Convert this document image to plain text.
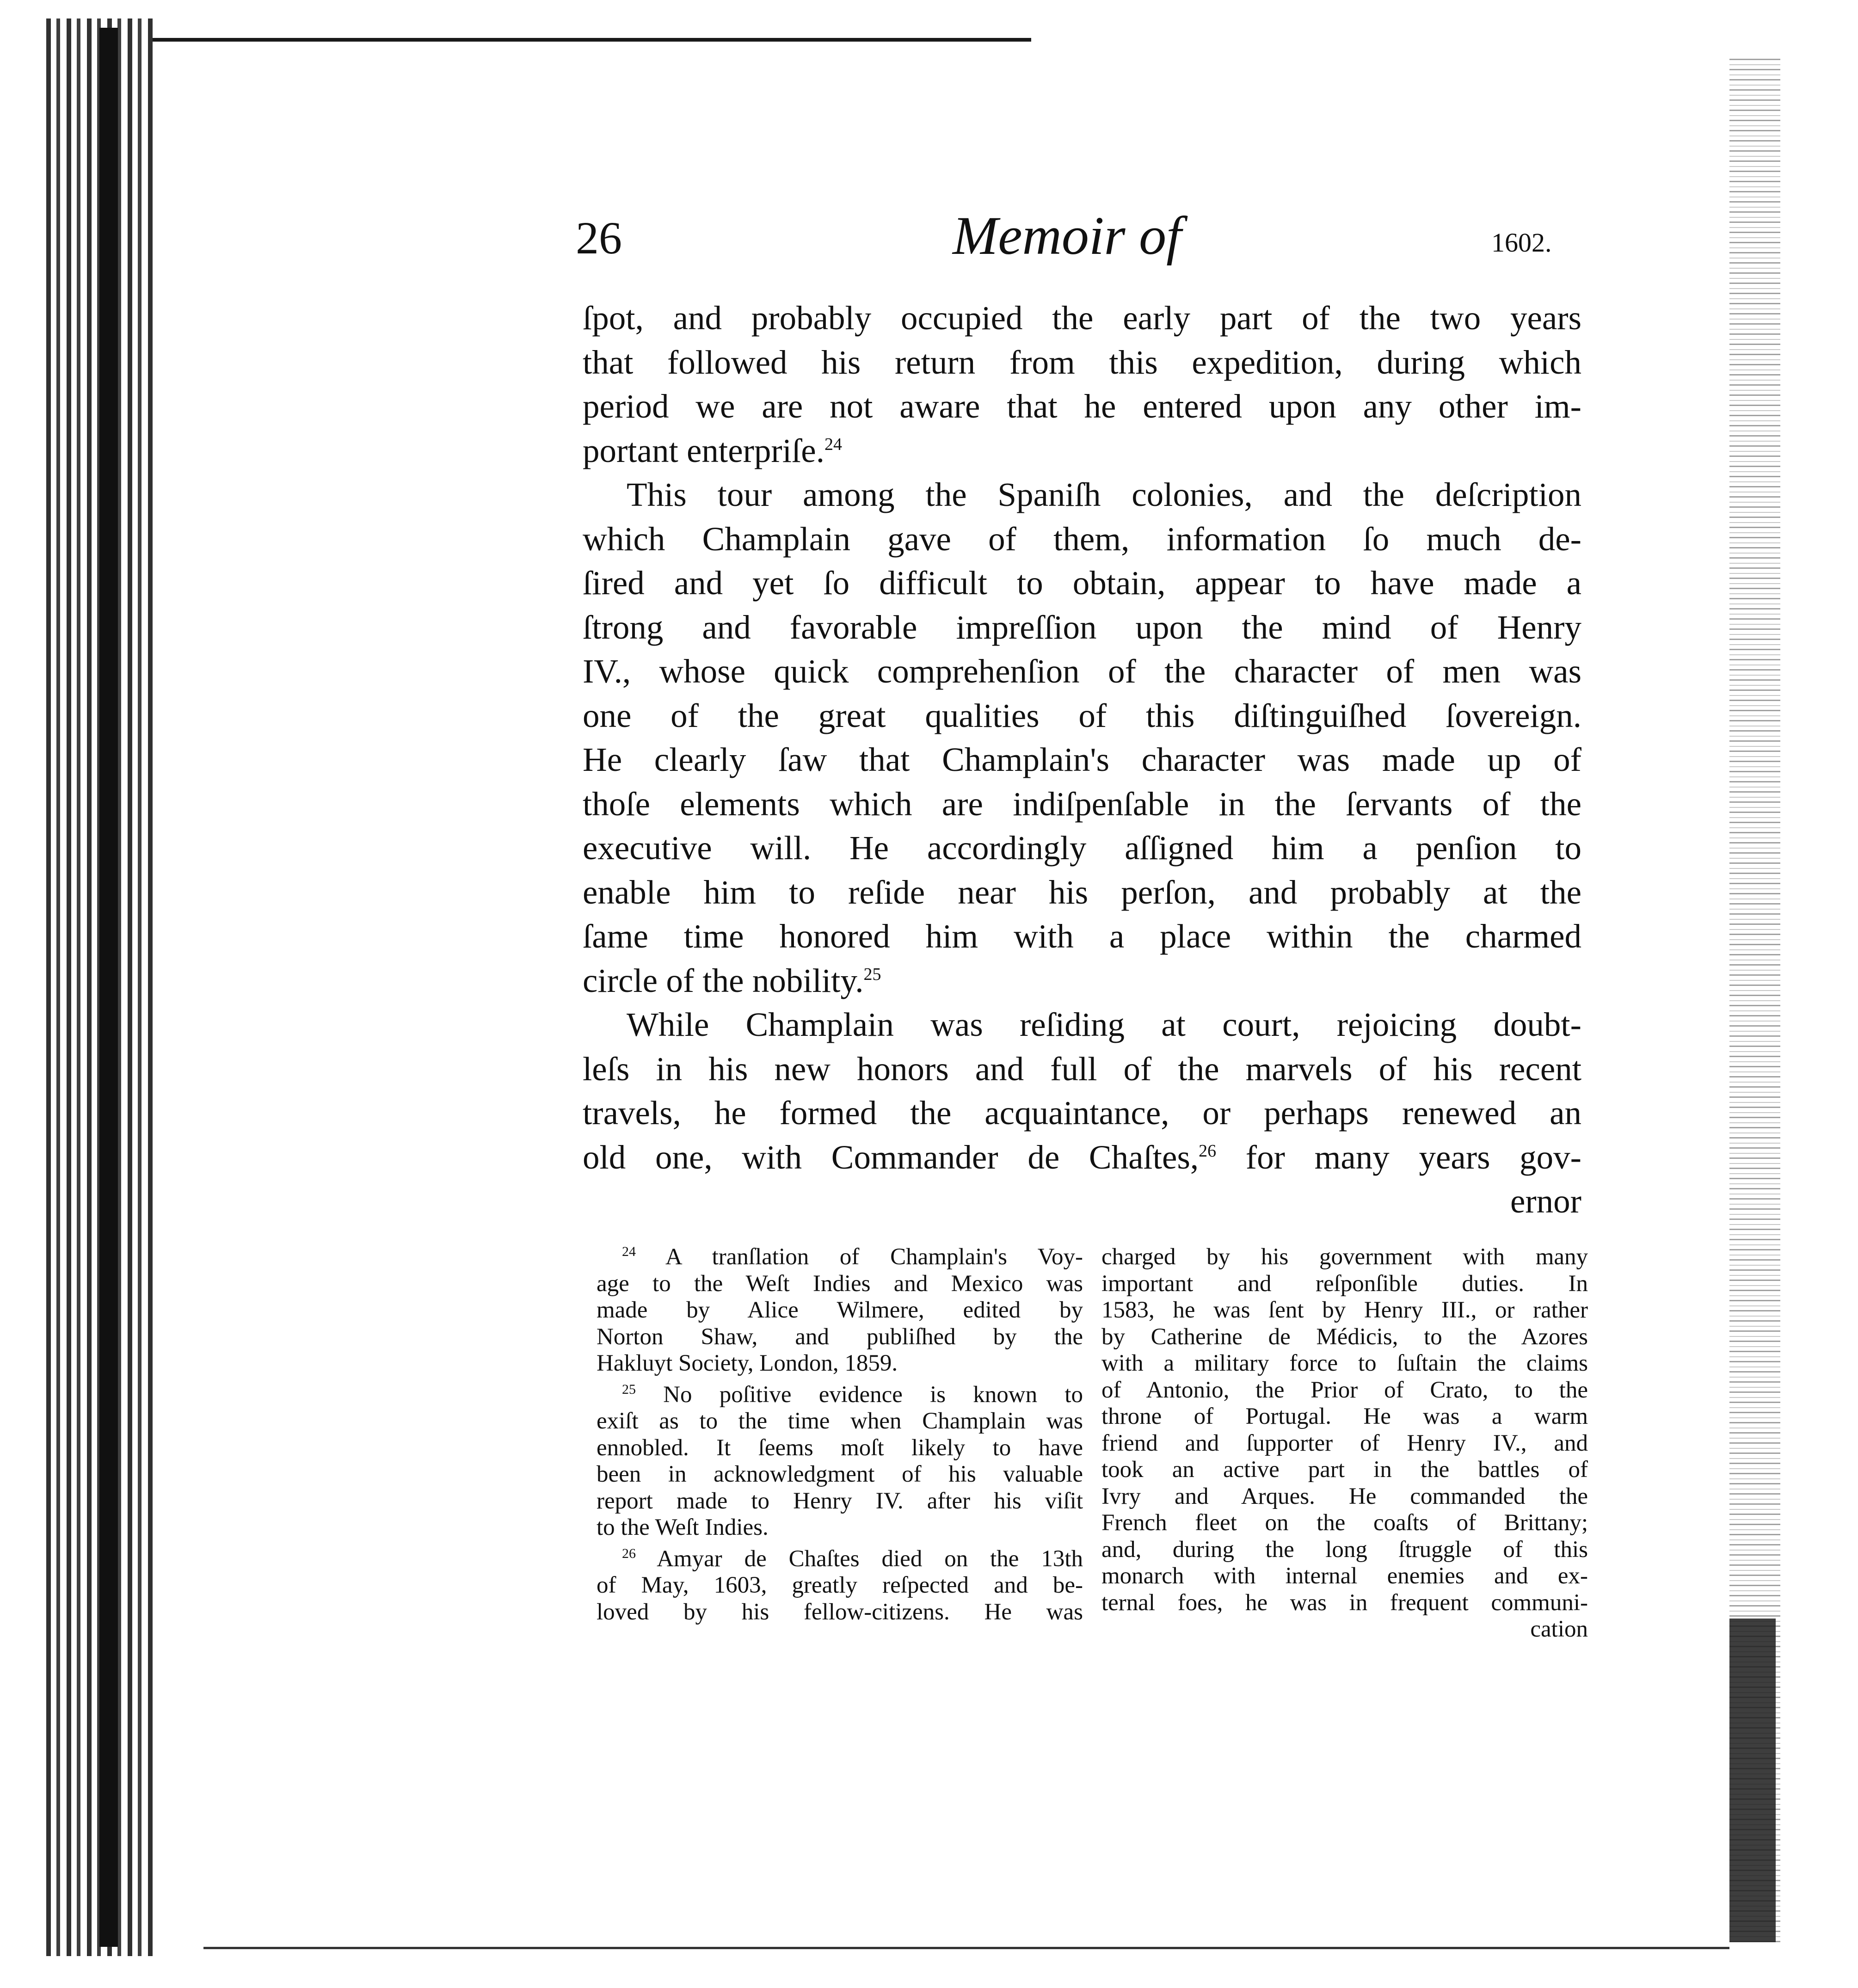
26	Memoir of	1602.
ſpot, and probably occupied the early part of the two years
that followed his return from this expedition, during which
period we are not aware that he entered upon any other im-
portant enterpriſe.$^{24}$
This tour among the Spaniſh colonies, and the deſcription
which Champlain gave of them, information ſo much de-
ſired and yet ſo difficult to obtain, appear to have made a
ſtrong and favorable impreſſion upon the mind of Henry
IV., whose quick comprehenſion of the character of men was
one of the great qualities of this diſtinguiſhed ſovereign.
He clearly ſaw that Champlain's character was made up of
thoſe elements which are indiſpenſable in the ſervants of the
executive will. He accordingly aſſigned him a penſion to
enable him to reſide near his perſon, and probably at the
ſame time honored him with a place within the charmed
circle of the nobility.$^{25}$
While Champlain was reſiding at court, rejoicing doubt-
leſs in his new honors and full of the marvels of his recent
travels, he formed the acquaintance, or perhaps renewed an
old one, with Commander de Chaſtes,$^{26}$ for many years gov-
ernor
$^{24}$ A tranſlation of Champlain's Voy-
age to the Weſt Indies and Mexico was
made by Alice Wilmere, edited by
Norton Shaw, and publiſhed by the
Hakluyt Society, London, 1859.
$^{25}$ No poſitive evidence is known to
exiſt as to the time when Champlain was
ennobled. It ſeems moſt likely to have
been in acknowledgment of his valuable
report made to Henry IV. after his viſit
to the Weſt Indies.
$^{26}$ Amyar de Chaſtes died on the 13th
of May, 1603, greatly reſpected and be-
loved by his fellow-citizens. He was
charged by his government with many
important and reſponſible duties. In
1583, he was ſent by Henry III., or rather
by Catherine de Médicis, to the Azores
with a military force to ſuſtain the claims
of Antonio, the Prior of Crato, to the
throne of Portugal. He was a warm
friend and ſupporter of Henry IV., and
took an active part in the battles of
Ivry and Arques. He commanded the
French fleet on the coaſts of Brittany;
and, during the long ſtruggle of this
monarch with internal enemies and ex-
ternal foes, he was in frequent communi-
cation
